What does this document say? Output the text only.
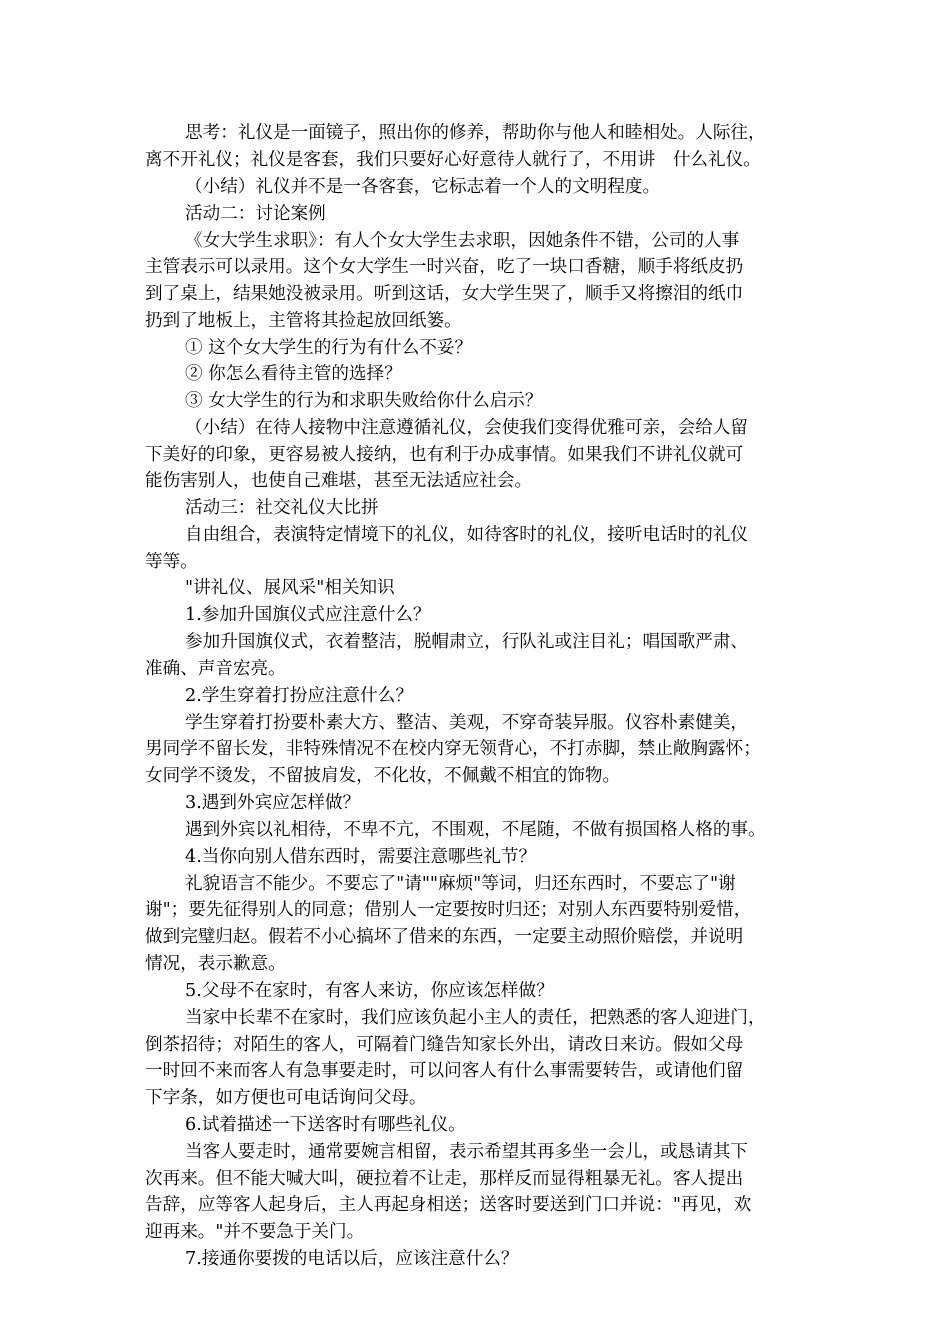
思考：礼仪是一面镜子，照出你的修养，帮助你与他人和睦相处。人际往，

离不开礼仪；礼仪是客套，我们只要好心好意待人就行了，不用讲　什么礼仪。

（小结）礼仪并不是一各客套，它标志着一个人的文明程度。

活动二：讨论案例

《女大学生求职》：有人个女大学生去求职，因她条件不错，公司的人事

主管表示可以录用。这个女大学生一时兴奋，吃了一块口香糖，顺手将纸皮扔

到了桌上，结果她没被录用。听到这话，女大学生哭了，顺手又将擦泪的纸巾

扔到了地板上，主管将其捡起放回纸篓。

① 这个女大学生的行为有什么不妥？

② 你怎么看待主管的选择？

③ 女大学生的行为和求职失败给你什么启示？

（小结）在待人接物中注意遵循礼仪，会使我们变得优雅可亲，会给人留

下美好的印象，更容易被人接纳，也有利于办成事情。如果我们不讲礼仪就可

能伤害别人，也使自己难堪，甚至无法适应社会。

活动三：社交礼仪大比拼

自由组合，表演特定情境下的礼仪，如待客时的礼仪，接听电话时的礼仪

等等。

"讲礼仪、展风采"相关知识

1.参加升国旗仪式应注意什么？

参加升国旗仪式，衣着整洁，脱帽肃立，行队礼或注目礼；唱国歌严肃、

准确、声音宏亮。

2.学生穿着打扮应注意什么？

学生穿着打扮要朴素大方、整洁、美观，不穿奇装异服。仪容朴素健美，

男同学不留长发，非特殊情况不在校内穿无领背心，不打赤脚，禁止敞胸露怀；

女同学不烫发，不留披肩发，不化妆，不佩戴不相宜的饰物。

3.遇到外宾应怎样做？

遇到外宾以礼相待，不卑不亢，不围观，不尾随，不做有损国格人格的事。

4.当你向别人借东西时，需要注意哪些礼节？

礼貌语言不能少。不要忘了"请""麻烦"等词，归还东西时，不要忘了"谢

谢"；要先征得别人的同意；借别人一定要按时归还；对别人东西要特别爱惜，

做到完璧归赵。假若不小心搞坏了借来的东西，一定要主动照价赔偿，并说明

情况，表示歉意。

5.父母不在家时，有客人来访，你应该怎样做？

当家中长辈不在家时，我们应该负起小主人的责任，把熟悉的客人迎进门，

倒茶招待；对陌生的客人，可隔着门缝告知家长外出，请改日来访。假如父母

一时回不来而客人有急事要走时，可以问客人有什么事需要转告，或请他们留

下字条，如方便也可电话询问父母。

6.试着描述一下送客时有哪些礼仪。

当客人要走时，通常要婉言相留，表示希望其再多坐一会儿，或恳请其下

次再来。但不能大喊大叫，硬拉着不让走，那样反而显得粗暴无礼。客人提出

告辞，应等客人起身后，主人再起身相送；送客时要送到门口并说："再见，欢

迎再来。"并不要急于关门。

7.接通你要拨的电话以后，应该注意什么？
